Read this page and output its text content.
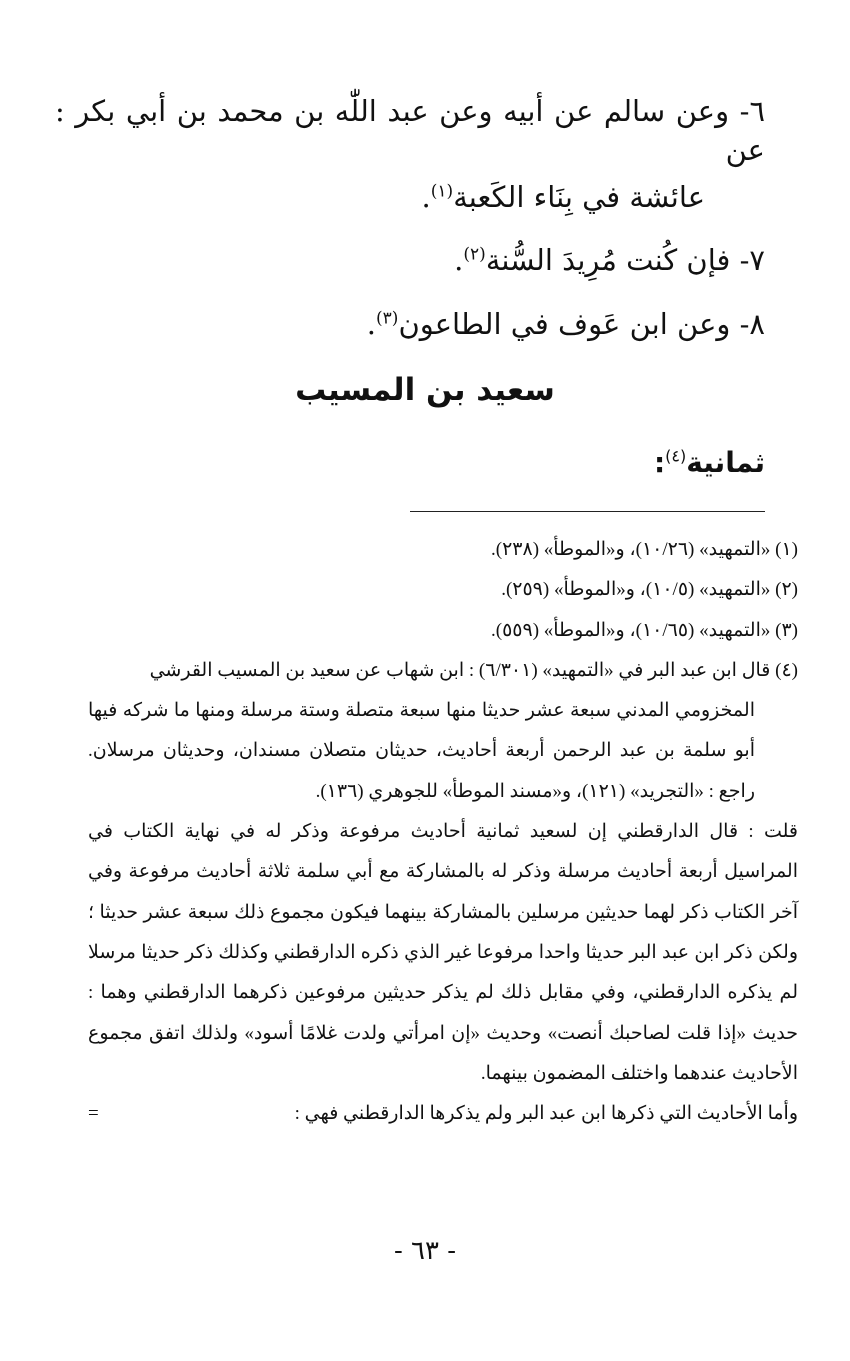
٦- وعن سالم عن أبيه وعن عبد اللّٰه بن محمد بن أبي بكر : عن
عائشة في بِنَاء الكَعبة$^{(١)}$.
٧- فإن كُنت مُرِيدَ السُّنة$^{(٢)}$.
٨- وعن ابن عَوف في الطاعون$^{(٣)}$.
سعيد بن المسيب
ثمانية$^{(٤)}$:
(١) «التمهيد» (١٠/٢٦)، و«الموطأ» (٢٣٨).
(٢) «التمهيد» (١٠/٥)، و«الموطأ» (٢٥٩).
(٣) «التمهيد» (١٠/٦٥)، و«الموطأ» (٥٥٩).
(٤) قال ابن عبد البر في «التمهيد» (٦/٣٠١) : ابن شهاب عن سعيد بن المسيب القرشي
المخزومي المدني سبعة عشر حديثا منها سبعة متصلة وستة مرسلة ومنها ما شركه فيها أبو سلمة بن عبد الرحمن أربعة أحاديث، حديثان متصلان مسندان، وحديثان مرسلان. راجع : «التجريد» (١٢١)، و«مسند الموطأ» للجوهري (١٣٦).
قلت : قال الدارقطني إن لسعيد ثمانية أحاديث مرفوعة وذكر له في نهاية الكتاب في المراسيل أربعة أحاديث مرسلة وذكر له بالمشاركة مع أبي سلمة ثلاثة أحاديث مرفوعة وفي آخر الكتاب ذكر لهما حديثين مرسلين بالمشاركة بينهما فيكون مجموع ذلك سبعة عشر حديثا ؛ ولكن ذكر ابن عبد البر حديثا واحدا مرفوعا غير الذي ذكره الدارقطني وكذلك ذكر حديثا مرسلا لم يذكره الدارقطني، وفي مقابل ذلك لم يذكر حديثين مرفوعين ذكرهما الدارقطني وهما : حديث «إذا قلت لصاحبك أنصت» وحديث «إن امرأتي ولدت غلامًا أسود» ولذلك اتفق مجموع الأحاديث عندهما واختلف المضمون بينهما.
وأما الأحاديث التي ذكرها ابن عبد البر ولم يذكرها الدارقطني فهي :
=
- ٦٣ -
